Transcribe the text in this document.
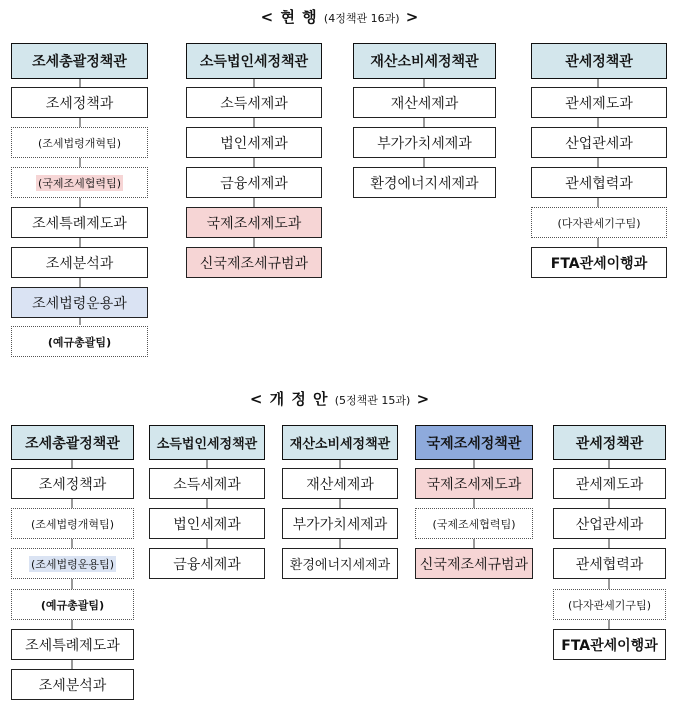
< 현 행 (4정책관 16과) >
조세총괄정책관
조세정책과
(조세법령개혁팀)
(국제조세협력팀)
조세특례제도과
조세분석과
조세법령운용과
(예규총괄팀)
소득법인세정책관
소득세제과
법인세제과
금융세제과
국제조세제도과
신국제조세규범과
재산소비세정책관
재산세제과
부가가치세제과
환경에너지세제과
관세정책관
관세제도과
산업관세과
관세협력과
(다자관세기구팀)
FTA관세이행과
< 개 정 안 (5정책관 15과) >
조세총괄정책관
조세정책과
(조세법령개혁팀)
(조세법령운용팀)
(예규총괄팀)
조세특례제도과
조세분석과
소득법인세정책관
소득세제과
법인세제과
금융세제과
재산소비세정책관
재산세제과
부가가치세제과
환경에너지세제과
국제조세정책관
국제조세제도과
(국제조세협력팀)
신국제조세규범과
관세정책관
관세제도과
산업관세과
관세협력과
(다자관세기구팀)
FTA관세이행과
